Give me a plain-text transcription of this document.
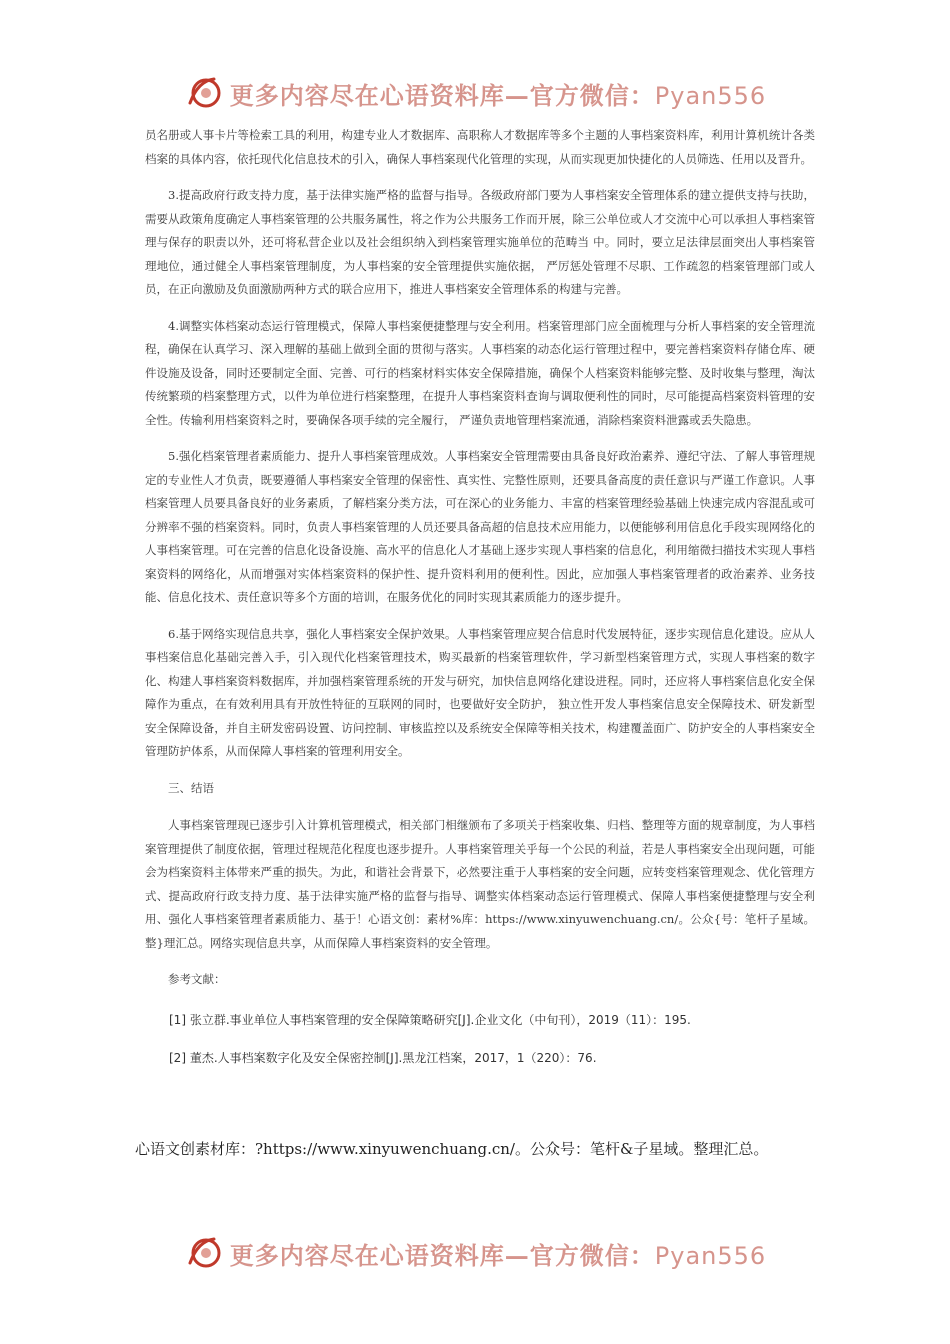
更多内容尽在心语资料库—官方微信：Pyan556

员名册或人事卡片等检索工具的利用，构建专业人才数据库、高职称人才数据库等多个主题的人事档案资料库，利用计算机统计各类档案的具体内容，依托现代化信息技术的引入，确保人事档案现代化管理的实现，从而实现更加快捷化的人员筛选、任用以及晋升。

3.提高政府行政支持力度，基于法律实施严格的监督与指导。各级政府部门要为人事档案安全管理体系的建立提供支持与扶助，需要从政策角度确定人事档案管理的公共服务属性，将之作为公共服务工作而开展，除三公单位或人才交流中心可以承担人事档案管理与保存的职责以外，还可将私营企业以及社会组织纳入到档案管理实施单位的范畴当 中。同时，要立足法律层面突出人事档案管理地位，通过健全人事档案管理制度，为人事档案的安全管理提供实施依据， 严厉惩处管理不尽职、工作疏忽的档案管理部门或人员，在正向激励及负面激励两种方式的联合应用下，推进人事档案安全管理体系的构建与完善。

4.调整实体档案动态运行管理模式，保障人事档案便捷整理与安全利用。档案管理部门应全面梳理与分析人事档案的安全管理流程，确保在认真学习、深入理解的基础上做到全面的贯彻与落实。人事档案的动态化运行管理过程中，要完善档案资料存储仓库、硬件设施及设备，同时还要制定全面、完善、可行的档案材料实体安全保障措施，确保个人档案资料能够完整、及时收集与整理，淘汰传统繁琐的档案整理方式，以件为单位进行档案整理，在提升人事档案资料查询与调取便利性的同时，尽可能提高档案资料管理的安全性。传输利用档案资料之时，要确保各项手续的完全履行， 严谨负责地管理档案流通，消除档案资料泄露或丢失隐患。

5.强化档案管理者素质能力、提升人事档案管理成效。人事档案安全管理需要由具备良好政治素养、遵纪守法、了解人事管理规定的专业性人才负责，既要遵循人事档案安全管理的保密性、真实性、完整性原则，还要具备高度的责任意识与严谨工作意识。人事档案管理人员要具备良好的业务素质，了解档案分类方法，可在深心的业务能力、丰富的档案管理经验基础上快速完成内容混乱或可分辨率不强的档案资料。同时，负责人事档案管理的人员还要具备高超的信息技术应用能力，以便能够利用信息化手段实现网络化的人事档案管理。可在完善的信息化设备设施、高水平的信息化人才基础上逐步实现人事档案的信息化，利用缩微扫描技术实现人事档案资料的网络化，从而增强对实体档案资料的保护性、提升资料利用的便利性。因此，应加强人事档案管理者的政治素养、业务技能、信息化技术、责任意识等多个方面的培训，在服务优化的同时实现其素质能力的逐步提升。

6.基于网络实现信息共享，强化人事档案安全保护效果。人事档案管理应契合信息时代发展特征，逐步实现信息化建设。应从人事档案信息化基础完善入手，引入现代化档案管理技术，购买最新的档案管理软件，学习新型档案管理方式，实现人事档案的数字化、构建人事档案资料数据库，并加强档案管理系统的开发与研究，加快信息网络化建设进程。同时，还应将人事档案信息化安全保障作为重点，在有效利用具有开放性特征的互联网的同时，也要做好安全防护， 独立性开发人事档案信息安全保障技术、研发新型安全保障设备，并自主研发密码设置、访问控制、审核监控以及系统安全保障等相关技术，构建覆盖面广、防护安全的人事档案安全管理防护体系，从而保障人事档案的管理利用安全。

三、结语

人事档案管理现已逐步引入计算机管理模式，相关部门相继颁布了多项关于档案收集、归档、整理等方面的规章制度，为人事档案管理提供了制度依据，管理过程规范化程度也逐步提升。人事档案管理关乎每一个公民的利益，若是人事档案安全出现问题，可能会为档案资料主体带来严重的损失。为此，和谐社会背景下，必然要注重于人事档案的安全问题，应转变档案管理观念、优化管理方式、提高政府行政支持力度、基于法律实施严格的监督与指导、调整实体档案动态运行管理模式、保障人事档案便捷整理与安全利用、强化人事档案管理者素质能力、基于！心语文创：素材%库：https://www.xinyuwenchuang.cn/。公众{号：笔杆子星域。整}理汇总。网络实现信息共享，从而保障人事档案资料的安全管理。

参考文献：

[1] 张立群.事业单位人事档案管理的安全保障策略研究[J].企业文化（中旬刊），2019（11）：195.

[2] 董杰.人事档案数字化及安全保密控制[J].黑龙江档案，2017，1（220）：76.

心语文创素材库：?https://www.xinyuwenchuang.cn/。公众号：笔杆&子星域。整理汇总。
更多内容尽在心语资料库—官方微信：Pyan556
